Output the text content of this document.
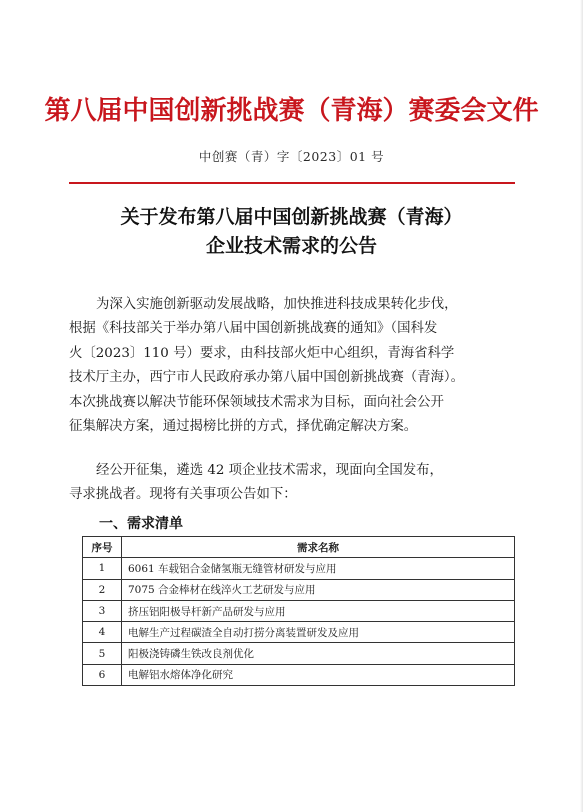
第八届中国创新挑战赛（青海）赛委会文件
中创赛（青）字〔2023〕01 号
关于发布第八届中国创新挑战赛（青海）
企业技术需求的公告
为深入实施创新驱动发展战略，加快推进科技成果转化步伐，
根据《科技部关于举办第八届中国创新挑战赛的通知》（国科发
火〔2023〕110 号）要求，由科技部火炬中心组织，青海省科学
技术厅主办，西宁市人民政府承办第八届中国创新挑战赛（青海）。
本次挑战赛以解决节能环保领域技术需求为目标，面向社会公开
征集解决方案，通过揭榜比拼的方式，择优确定解决方案。
经公开征集，遴选 42 项企业技术需求，现面向全国发布，
寻求挑战者。现将有关事项公告如下：
一、需求清单
序号	需求名称
1	6061 车载铝合金储氢瓶无缝管材研发与应用
2	7075 合金棒材在线淬火工艺研发与应用
3	挤压铝阳极导杆新产品研发与应用
4	电解生产过程碳渣全自动打捞分离装置研发及应用
5	阳极浇铸磷生铁改良剂优化
6	电解铝水熔体净化研究
